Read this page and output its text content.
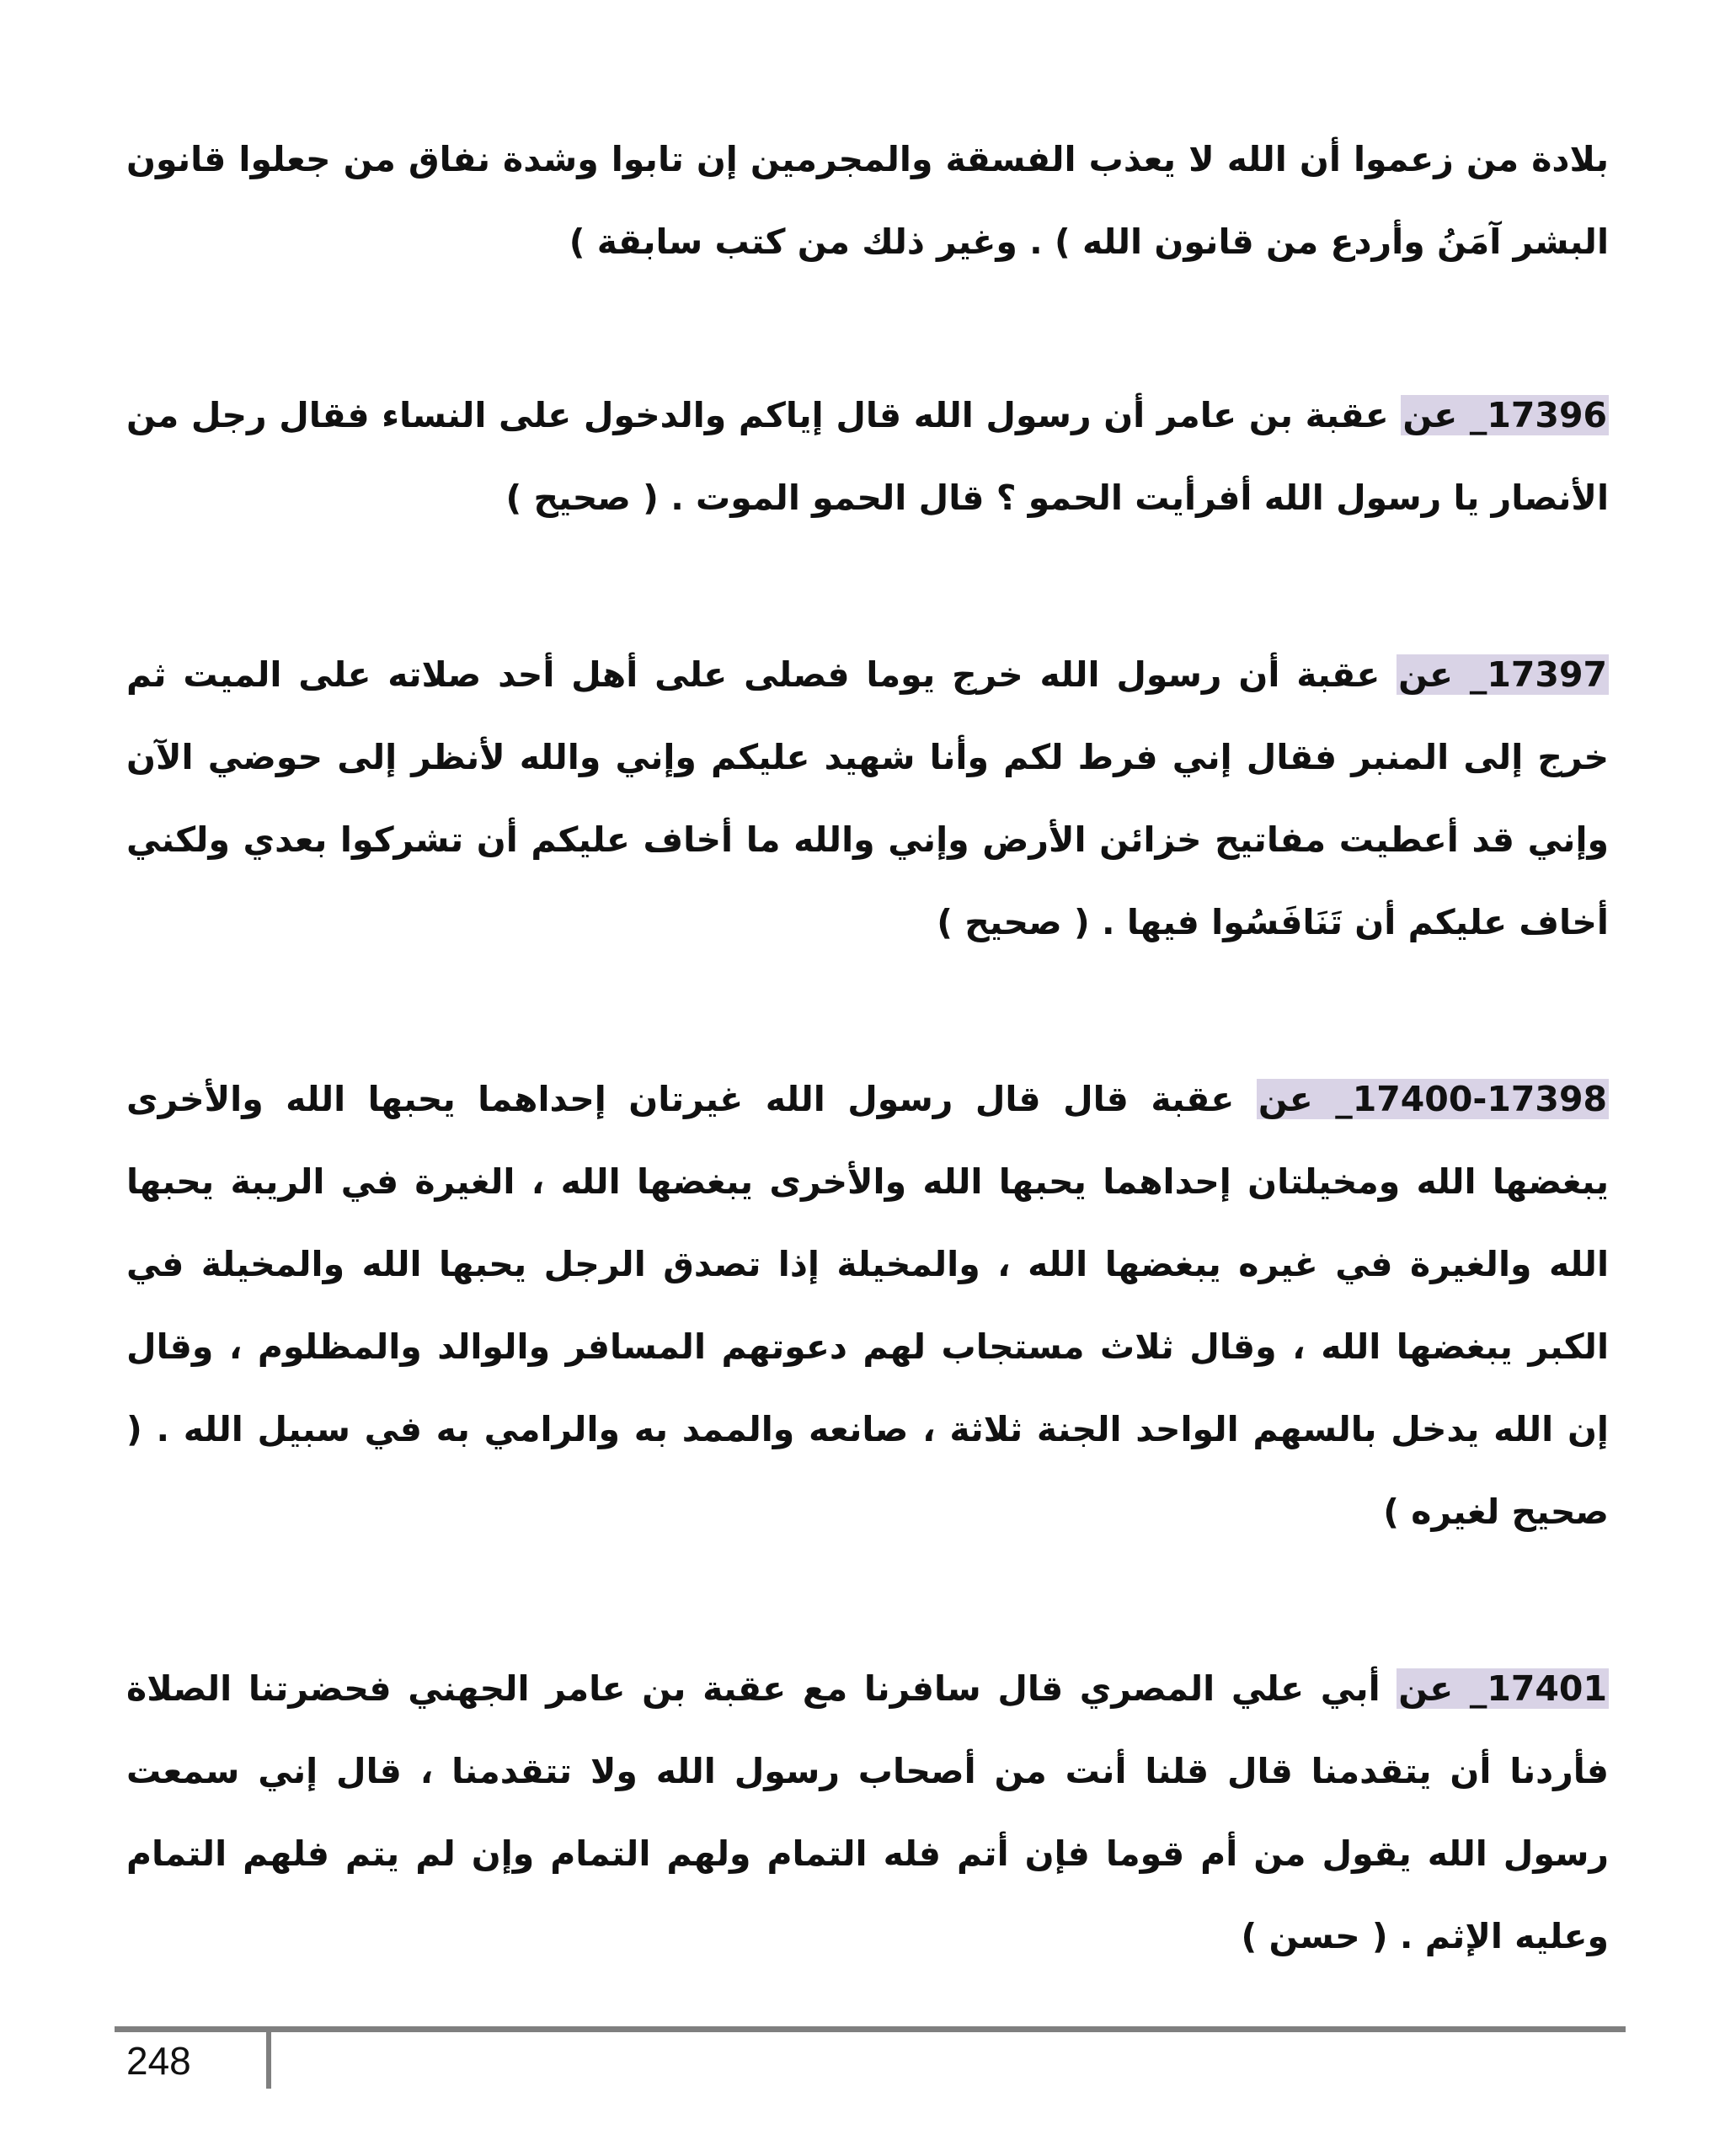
بلادة من زعموا أن الله لا يعذب الفسقة والمجرمين إن تابوا وشدة نفاق من جعلوا قانون البشر آمَنُ وأردع من قانون الله ) . وغير ذلك من كتب سابقة )

17396_ عن عقبة بن عامر أن رسول الله قال إياكم والدخول على النساء فقال رجل من الأنصار يا رسول الله أفرأيت الحمو ؟ قال الحمو الموت . ( صحيح )

17397_ عن عقبة أن رسول الله خرج يوما فصلى على أهل أحد صلاته على الميت ثم خرج إلى المنبر فقال إني فرط لكم وأنا شهيد عليكم وإني والله لأنظر إلى حوضي الآن وإني قد أعطيت مفاتيح خزائن الأرض وإني والله ما أخاف عليكم أن تشركوا بعدي ولكني أخاف عليكم أن تَنَافَسُوا فيها . ( صحيح )

17400-17398_ عن عقبة قال قال رسول الله غيرتان إحداهما يحبها الله والأخرى يبغضها الله ومخيلتان إحداهما يحبها الله والأخرى يبغضها الله ، الغيرة في الريبة يحبها الله والغيرة في غيره يبغضها الله ، والمخيلة إذا تصدق الرجل يحبها الله والمخيلة في الكبر يبغضها الله ، وقال ثلاث مستجاب لهم دعوتهم المسافر والوالد والمظلوم ، وقال إن الله يدخل بالسهم الواحد الجنة ثلاثة ، صانعه والممد به والرامي به في سبيل الله . ( صحيح لغيره )

17401_ عن أبي علي المصري قال سافرنا مع عقبة بن عامر الجهني فحضرتنا الصلاة فأردنا أن يتقدمنا قال قلنا أنت من أصحاب رسول الله ولا تتقدمنا ، قال إني سمعت رسول الله يقول من أم قوما فإن أتم فله التمام ولهم التمام وإن لم يتم فلهم التمام وعليه الإثم . ( حسن )

248
